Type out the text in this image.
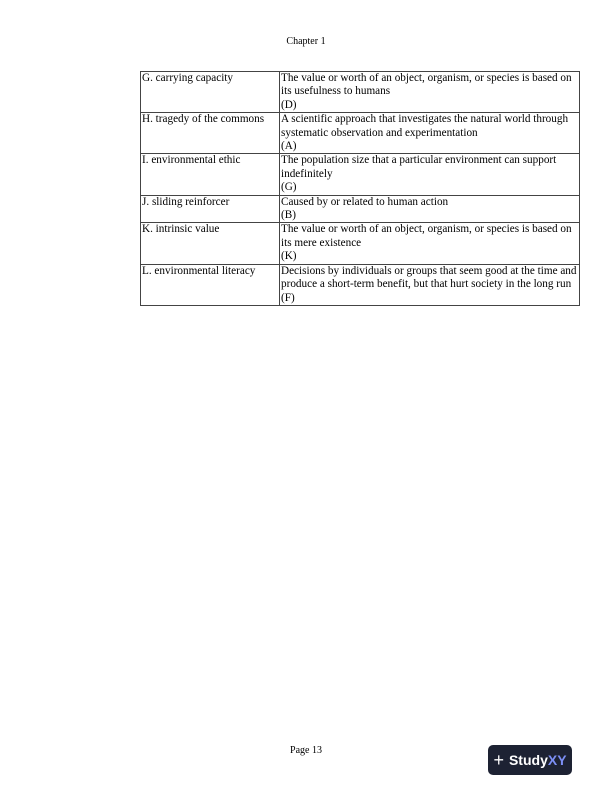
Chapter 1
G. carrying capacity	The value or worth of an object, organism, or species is based on its usefulness to humans
(D)

H. tragedy of the commons	A scientific approach that investigates the natural world through systematic observation and experimentation
(A)

I. environmental ethic	The population size that a particular environment can support indefinitely
(G)

J. sliding reinforcer	Caused by or related to human action
(B)

K. intrinsic value	The value or worth of an object, organism, or species is based on its mere existence
(K)

L. environmental literacy	Decisions by individuals or groups that seem good at the time and produce a short-term benefit, but that hurt society in the long run
(F)
Page 13	+ Study XY
